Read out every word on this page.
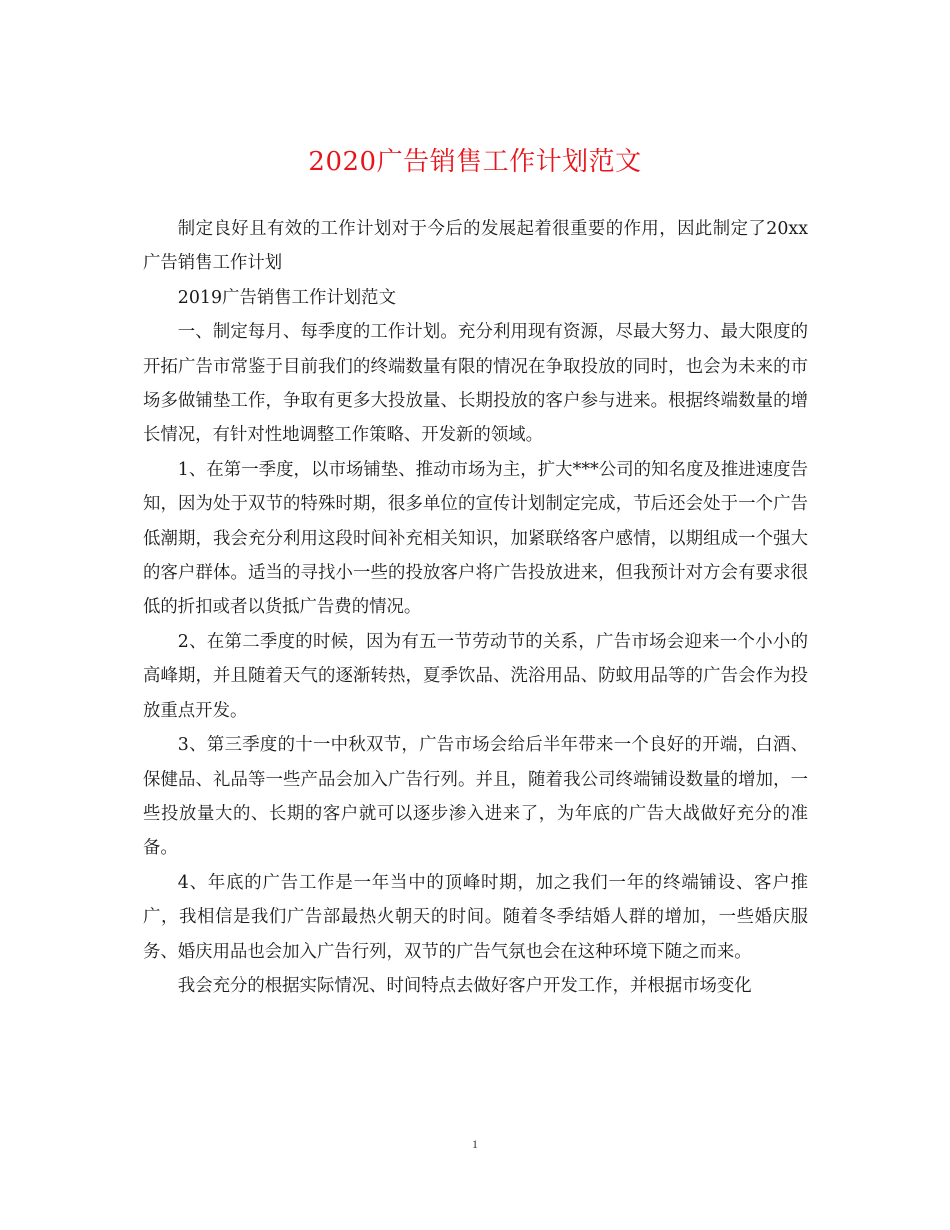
2020广告销售工作计划范文

制定良好且有效的工作计划对于今后的发展起着很重要的作用，因此制定了20xx广告销售工作计划

2019广告销售工作计划范文

一、制定每月、每季度的工作计划。充分利用现有资源，尽最大努力、最大限度的开拓广告市常鉴于目前我们的终端数量有限的情况在争取投放的同时，也会为未来的市场多做铺垫工作，争取有更多大投放量、长期投放的客户参与进来。根据终端数量的增长情况，有针对性地调整工作策略、开发新的领域。

1、在第一季度，以市场铺垫、推动市场为主，扩大***公司的知名度及推进速度告知，因为处于双节的特殊时期，很多单位的宣传计划制定完成，节后还会处于一个广告低潮期，我会充分利用这段时间补充相关知识，加紧联络客户感情，以期组成一个强大的客户群体。适当的寻找小一些的投放客户将广告投放进来，但我预计对方会有要求很低的折扣或者以货抵广告费的情况。

2、在第二季度的时候，因为有五一节劳动节的关系，广告市场会迎来一个小小的高峰期，并且随着天气的逐渐转热，夏季饮品、洗浴用品、防蚊用品等的广告会作为投放重点开发。

3、第三季度的十一中秋双节，广告市场会给后半年带来一个良好的开端，白酒、保健品、礼品等一些产品会加入广告行列。并且，随着我公司终端铺设数量的增加，一些投放量大的、长期的客户就可以逐步渗入进来了，为年底的广告大战做好充分的准备。

4、年底的广告工作是一年当中的顶峰时期，加之我们一年的终端铺设、客户推广，我相信是我们广告部最热火朝天的时间。随着冬季结婚人群的增加，一些婚庆服务、婚庆用品也会加入广告行列，双节的广告气氛也会在这种环境下随之而来。

我会充分的根据实际情况、时间特点去做好客户开发工作，并根据市场变化

1
